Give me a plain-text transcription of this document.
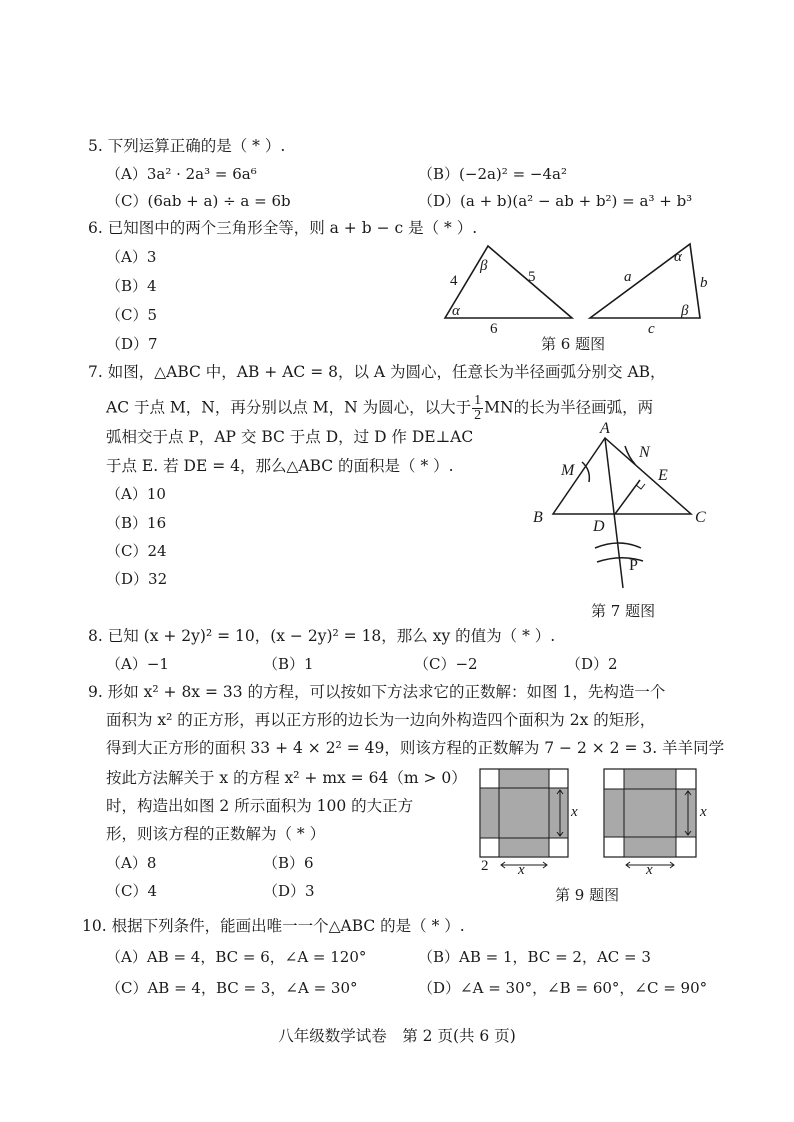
5. 下列运算正确的是（ * ）.
（A）3a² · 2a³ = 6a⁶	（B）(−2a)² = −4a²
（C）(6ab + a) ÷ a = 6b	（D）(a + b)(a² − ab + b²) = a³ + b³
6. 已知图中的两个三角形全等，则 a + b − c 是（ * ）.
（A）3
（B）4
（C）5
（D）7
4	5
6
α
β
a	b
c
α
β
第 6 题图
7. 如图，△ABC 中，AB + AC = 8，以 A 为圆心，任意长为半径画弧分别交 AB，
AC 于点 M，N，再分别以点 M，N 为圆心，以大于 $\frac{1}{2}$ MN的长为半径画弧，两
弧相交于点 P，AP 交 BC 于点 D，过 D 作 DE⊥AC
于点 E. 若 DE = 4，那么△ABC 的面积是（ * ）.
（A）10
（B）16
（C）24
（D）32
A
B	C
D
E
M
N
P
第 7 题图
8. 已知 (x + 2y)² = 10，(x − 2y)² = 18，那么 xy 的值为（ * ）.
（A）−1	（B）1	（C）−2	（D）2
9. 形如 x² + 8x = 33 的方程，可以按如下方法求它的正数解：如图 1，先构造一个
面积为 x² 的正方形，再以正方形的边长为一边向外构造四个面积为 2x 的矩形，
得到大正方形的面积 33 + 4 × 2² = 49，则该方程的正数解为 7 − 2 × 2 = 3. 羊羊同学
按此方法解关于 x 的方程 x² + mx = 64（m > 0）
时，构造出如图 2 所示面积为 100 的大正方
形，则该方程的正数解为（ * ）
（A）8	（B）6
（C）4	（D）3
2 x
x
x
x
第 9 题图
10. 根据下列条件，能画出唯一一个△ABC 的是（ * ）.
（A）AB = 4，BC = 6，∠A = 120°	（B）AB = 1，BC = 2，AC = 3
（C）AB = 4，BC = 3，∠A = 30°	（D）∠A = 30°，∠B = 60°，∠C = 90°
八年级数学试卷　第 2 页(共 6 页)
